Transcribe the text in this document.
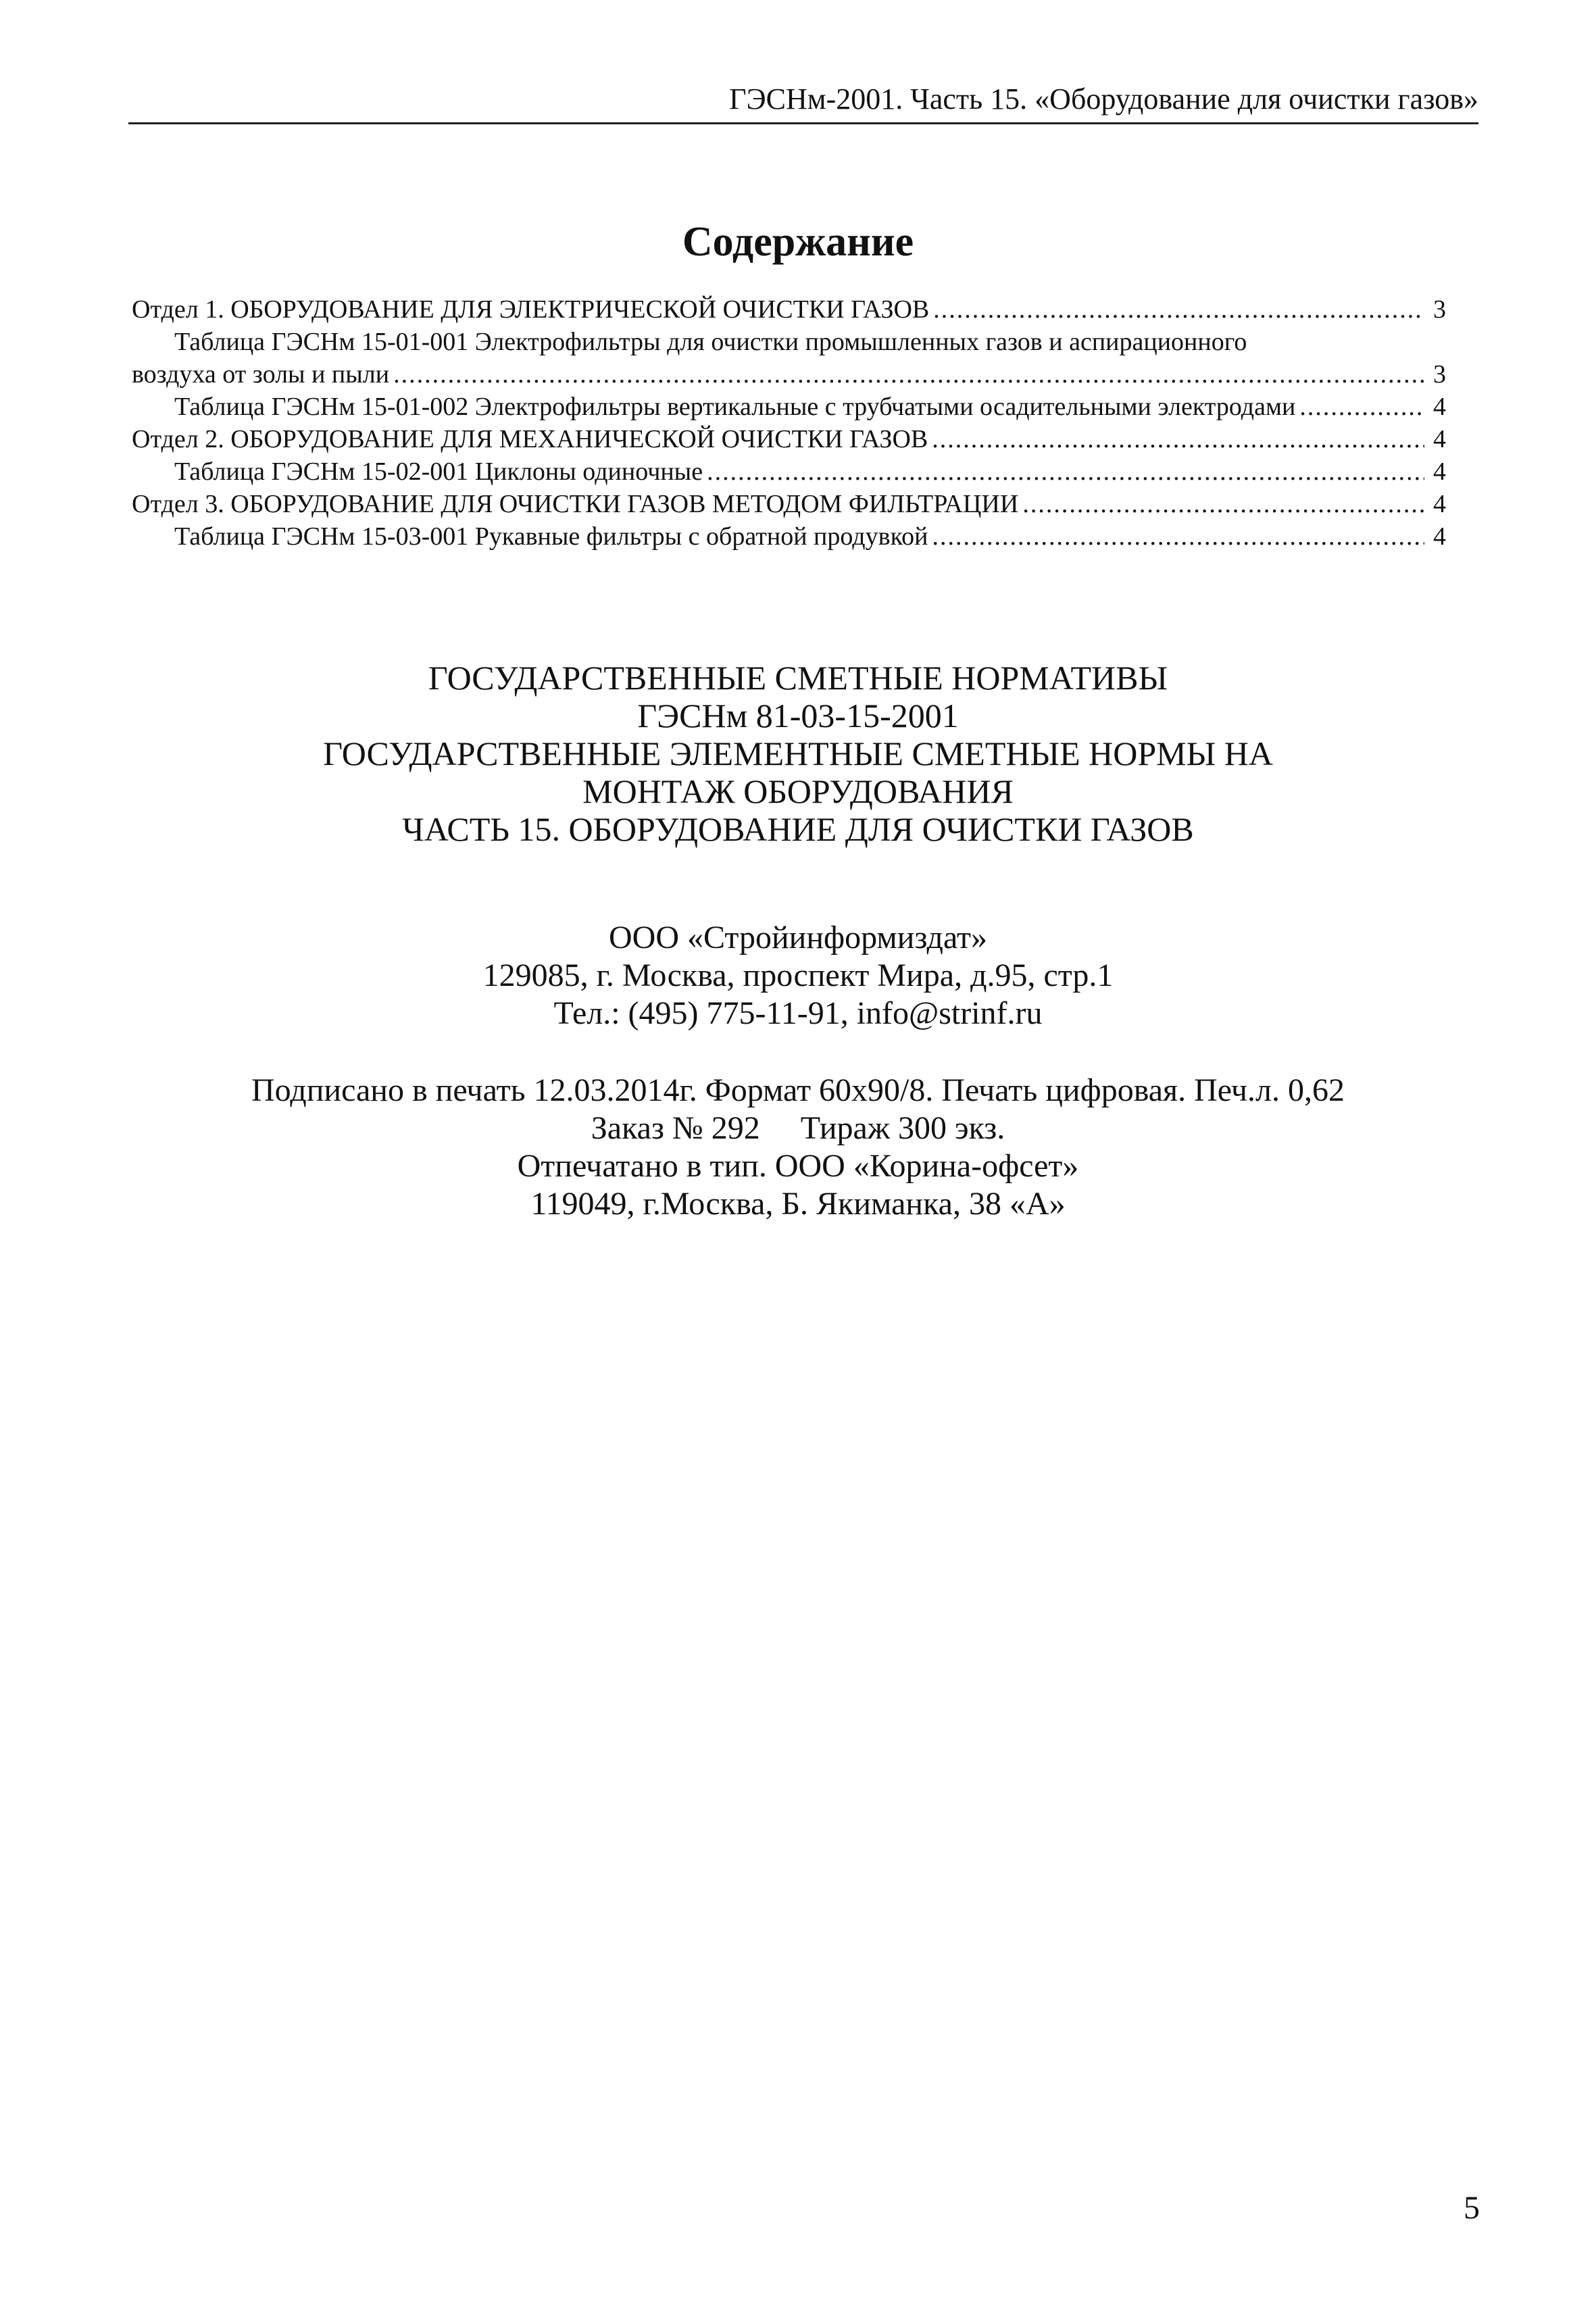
ГЭСНм-2001. Часть 15. «Оборудование для очистки газов»
Содержание
Отдел 1. ОБОРУДОВАНИЕ ДЛЯ ЭЛЕКТРИЧЕСКОЙ ОЧИСТКИ ГАЗОВ .....	3
Таблица ГЭСНм 15-01-001 Электрофильтры для очистки промышленных газов и аспирационного
воздуха от золы и пыли .....	3
Таблица ГЭСНм 15-01-002 Электрофильтры вертикальные с трубчатыми осадительными электродами .....	4
Отдел 2. ОБОРУДОВАНИЕ ДЛЯ МЕХАНИЧЕСКОЙ ОЧИСТКИ ГАЗОВ .....	4
Таблица ГЭСНм 15-02-001 Циклоны одиночные .....	4
Отдел 3. ОБОРУДОВАНИЕ ДЛЯ ОЧИСТКИ ГАЗОВ МЕТОДОМ ФИЛЬТРАЦИИ .....	4
Таблица ГЭСНм 15-03-001 Рукавные фильтры с обратной продувкой .....	4
ГОСУДАРСТВЕННЫЕ СМЕТНЫЕ НОРМАТИВЫ
ГЭСНм 81-03-15-2001
ГОСУДАРСТВЕННЫЕ ЭЛЕМЕНТНЫЕ СМЕТНЫЕ НОРМЫ НА
МОНТАЖ ОБОРУДОВАНИЯ
ЧАСТЬ 15. ОБОРУДОВАНИЕ ДЛЯ ОЧИСТКИ ГАЗОВ
ООО «Стройинформиздат»
129085, г. Москва, проспект Мира, д.95, стр.1
Тел.: (495) 775-11-91, info@strinf.ru
Подписано в печать 12.03.2014г. Формат 60х90/8. Печать цифровая. Печ.л. 0,62
Заказ № 292 Тираж 300 экз.
Отпечатано в тип. ООО «Корина-офсет»
119049, г.Москва, Б. Якиманка, 38 «А»
5
